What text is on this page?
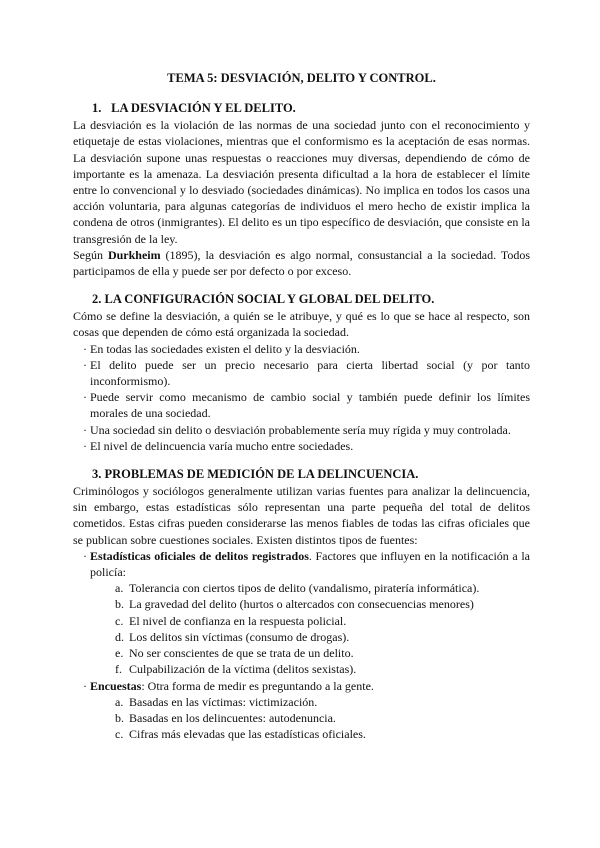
TEMA 5: DESVIACIÓN, DELITO Y CONTROL.
1. LA DESVIACIÓN Y EL DELITO.

La desviación es la violación de las normas de una sociedad junto con el reconocimiento y etiquetaje de estas violaciones, mientras que el conformismo es la aceptación de esas normas. La desviación supone unas respuestas o reacciones muy diversas, dependiendo de cómo de importante es la amenaza. La desviación presenta dificultad a la hora de establecer el límite entre lo convencional y lo desviado (sociedades dinámicas). No implica en todos los casos una acción voluntaria, para algunas categorías de individuos el mero hecho de existir implica la condena de otros (inmigrantes). El delito es un tipo específico de desviación, que consiste en la transgresión de la ley.

Según Durkheim (1895), la desviación es algo normal, consustancial a la sociedad. Todos participamos de ella y puede ser por defecto o por exceso.

2. LA CONFIGURACIÓN SOCIAL Y GLOBAL DEL DELITO.

Cómo se define la desviación, a quién se le atribuye, y qué es lo que se hace al respecto, son cosas que dependen de cómo está organizada la sociedad.

· En todas las sociedades existen el delito y la desviación.
· El delito puede ser un precio necesario para cierta libertad social (y por tanto inconformismo).
· Puede servir como mecanismo de cambio social y también puede definir los límites morales de una sociedad.
· Una sociedad sin delito o desviación probablemente sería muy rígida y muy controlada.
· El nivel de delincuencia varía mucho entre sociedades.
3. PROBLEMAS DE MEDICIÓN DE LA DELINCUENCIA.

Criminólogos y sociólogos generalmente utilizan varias fuentes para analizar la delincuencia, sin embargo, estas estadísticas sólo representan una parte pequeña del total de delitos cometidos. Estas cifras pueden considerarse las menos fiables de todas las cifras oficiales que se publican sobre cuestiones sociales. Existen distintos tipos de fuentes:

· Estadísticas oficiales de delitos registrados. Factores que influyen en la notificación a la policía:
a. Tolerancia con ciertos tipos de delito (vandalismo, piratería informática).
b. La gravedad del delito (hurtos o altercados con consecuencias menores)
c. El nivel de confianza en la respuesta policial.
d. Los delitos sin víctimas (consumo de drogas).
e. No ser conscientes de que se trata de un delito.
f. Culpabilización de la víctima (delitos sexistas).
· Encuestas: Otra forma de medir es preguntando a la gente.
a. Basadas en las víctimas: victimización.
b. Basadas en los delincuentes: autodenuncia.
c. Cifras más elevadas que las estadísticas oficiales.
